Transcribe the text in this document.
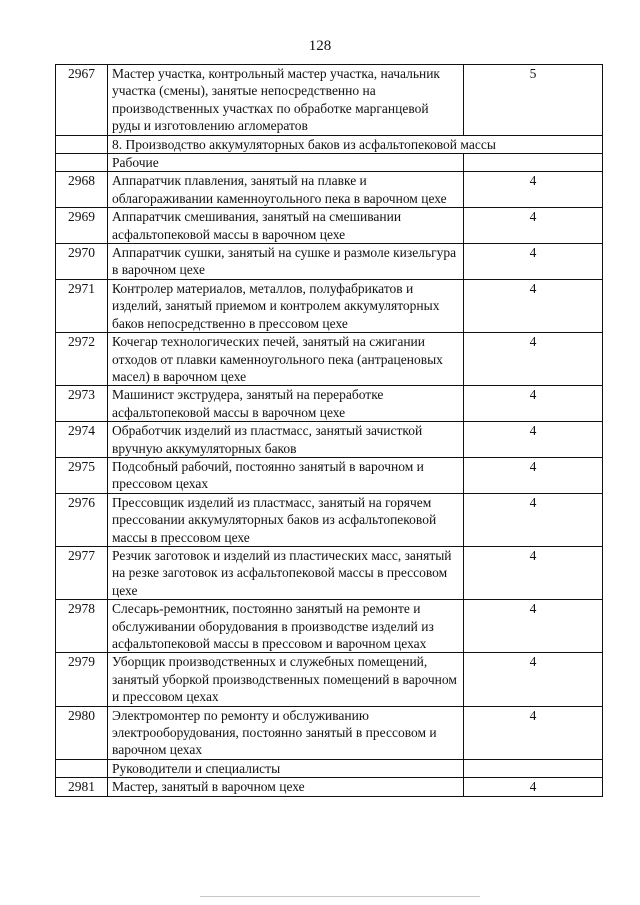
128
2967	Мастер участка, контрольный мастер участка, начальник участка (смены), занятые непосредственно на производственных участках по обработке марганцевой руды и изготовлению агломератов	5
	8. Производство аккумуляторных баков из асфальтопековой массы	
	Рабочие	
2968	Аппаратчик плавления, занятый на плавке и облагораживании каменноугольного пека в варочном цехе	4
2969	Аппаратчик смешивания, занятый на смешивании асфальтопековой массы в варочном цехе	4
2970	Аппаратчик сушки, занятый на сушке и размоле кизельгура в варочном цехе	4
2971	Контролер материалов, металлов, полуфабрикатов и изделий, занятый приемом и контролем аккумуляторных баков непосредственно в прессовом цехе	4
2972	Кочегар технологических печей, занятый на сжигании отходов от плавки каменноугольного пека (антраценовых масел) в варочном цехе	4
2973	Машинист экструдера, занятый на переработке асфальтопековой массы в варочном цехе	4
2974	Обработчик изделий из пластмасс, занятый зачисткой вручную аккумуляторных баков	4
2975	Подсобный рабочий, постоянно занятый в варочном и прессовом цехах	4
2976	Прессовщик изделий из пластмасс, занятый на горячем прессовании аккумуляторных баков из асфальтопековой массы в прессовом цехе	4
2977	Резчик заготовок и изделий из пластических масс, занятый на резке заготовок из асфальтопековой массы в прессовом цехе	4
2978	Слесарь-ремонтник, постоянно занятый на ремонте и обслуживании оборудования в производстве изделий из асфальтопековой массы в прессовом и варочном цехах	4
2979	Уборщик производственных и служебных помещений, занятый уборкой производственных помещений в варочном и прессовом цехах	4
2980	Электромонтер по ремонту и обслуживанию электрооборудования, постоянно занятый в прессовом и варочном цехах	4
	Руководители и специалисты	
2981	Мастер, занятый в варочном цехе	4
